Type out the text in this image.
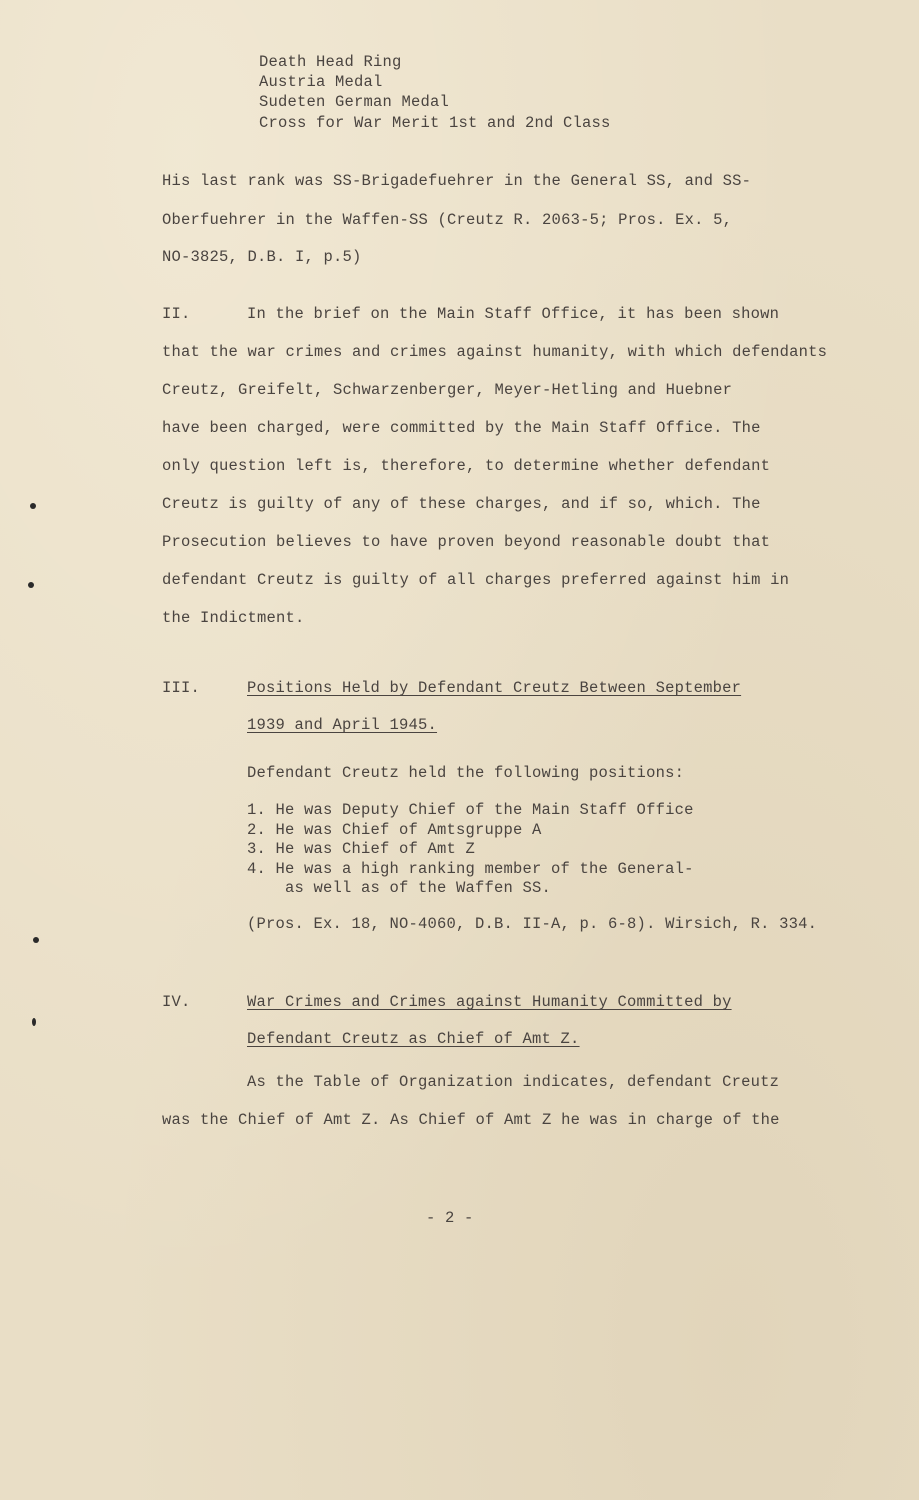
Death Head Ring
Austria Medal
Sudeten German Medal
Cross for War Merit 1st and 2nd Class
His last rank was SS-Brigadefuehrer in the General SS, and SS-
Oberfuehrer in the Waffen-SS (Creutz R. 2063-5; Pros. Ex. 5,
NO-3825, D.B. I, p.5)
II.	In the brief on the Main Staff Office, it has been shown
that the war crimes and crimes against humanity, with which defendants
Creutz, Greifelt, Schwarzenberger, Meyer-Hetling and Huebner
have been charged, were committed by the Main Staff Office. The
only question left is, therefore, to determine whether defendant
Creutz is guilty of any of these charges, and if so, which. The
Prosecution believes to have proven beyond reasonable doubt that
defendant Creutz is guilty of all charges preferred against him in
the Indictment.
III.	Positions Held by Defendant Creutz Between September
1939 and April 1945.
Defendant Creutz held the following positions:
1. He was Deputy Chief of the Main Staff Office
2. He was Chief of Amtsgruppe A
3. He was Chief of Amt Z
4. He was a high ranking member of the General-
as well as of the Waffen SS.
(Pros. Ex. 18, NO-4060, D.B. II-A, p. 6-8). Wirsich, R. 334.
IV.	War Crimes and Crimes against Humanity Committed by
Defendant Creutz as Chief of Amt Z.
As the Table of Organization indicates, defendant Creutz
was the Chief of Amt Z. As Chief of Amt Z he was in charge of the
- 2 -
